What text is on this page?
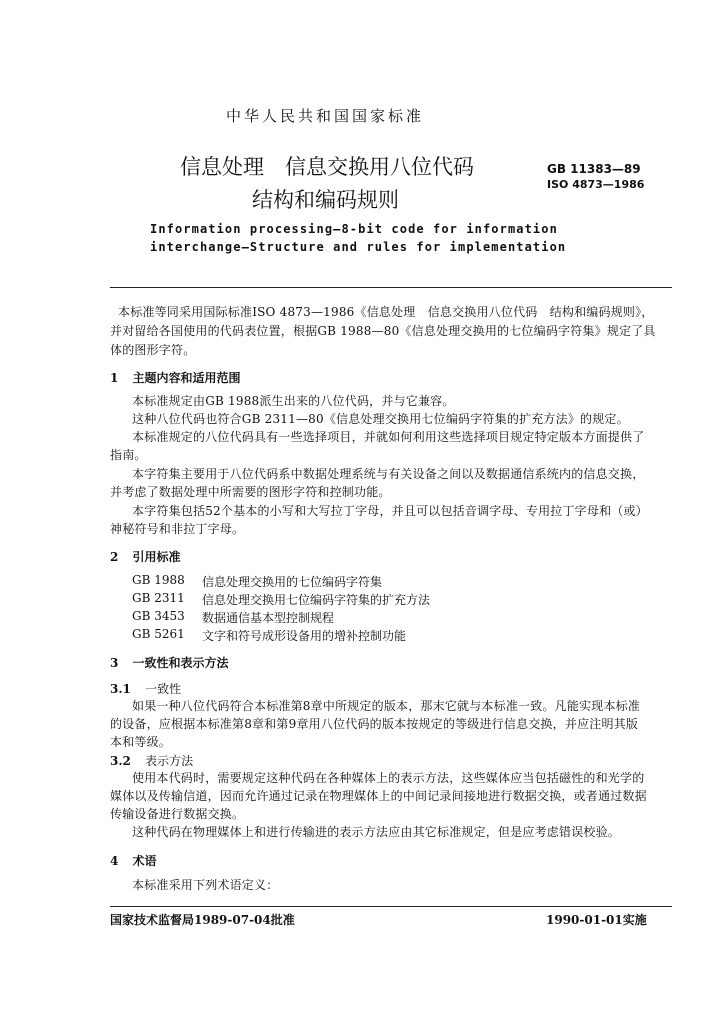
中华人民共和国国家标准
信息处理　信息交换用八位代码
结构和编码规则
GB 11383—89
ISO 4873—1986
Information processing—8-bit code for information
interchange—Structure and rules for implementation
本标准等同采用国际标准ISO 4873—1986《信息处理　信息交换用八位代码　结构和编码规则》，
并对留给各国使用的代码表位置，根据GB 1988—80《信息处理交换用的七位编码字符集》规定了具
体的图形字符。
1 主题内容和适用范围
本标准规定由GB 1988派生出来的八位代码，并与它兼容。
这种八位代码也符合GB 2311—80《信息处理交换用七位编码字符集的扩充方法》的规定。
本标准规定的八位代码具有一些选择项目，并就如何利用这些选择项目规定特定版本方面提供了
指南。
本字符集主要用于八位代码系中数据处理系统与有关设备之间以及数据通信系统内的信息交换，
并考虑了数据处理中所需要的图形字符和控制功能。
本字符集包括52个基本的小写和大写拉丁字母，并且可以包括音调字母、专用拉丁字母和（或）
神秘符号和非拉丁字母。
2 引用标准
GB 1988 信息处理交换用的七位编码字符集
GB 2311 信息处理交换用七位编码字符集的扩充方法
GB 3453 数据通信基本型控制规程
GB 5261 文字和符号成形设备用的增补控制功能
3 一致性和表示方法
3.1 一致性
如果一种八位代码符合本标准第8章中所规定的版本，那末它就与本标准一致。凡能实现本标准
的设备，应根据本标准第8章和第9章用八位代码的版本按规定的等级进行信息交换，并应注明其版
本和等级。
3.2 表示方法
使用本代码时，需要规定这种代码在各种媒体上的表示方法，这些媒体应当包括磁性的和光学的
媒体以及传输信道，因而允许通过记录在物理媒体上的中间记录间接地进行数据交换，或者通过数据
传输设备进行数据交换。
这种代码在物理媒体上和进行传输进的表示方法应由其它标准规定，但是应考虑错误校验。
4 术语
本标准采用下列术语定义：
国家技术监督局1989-07-04批准	1990-01-01实施
